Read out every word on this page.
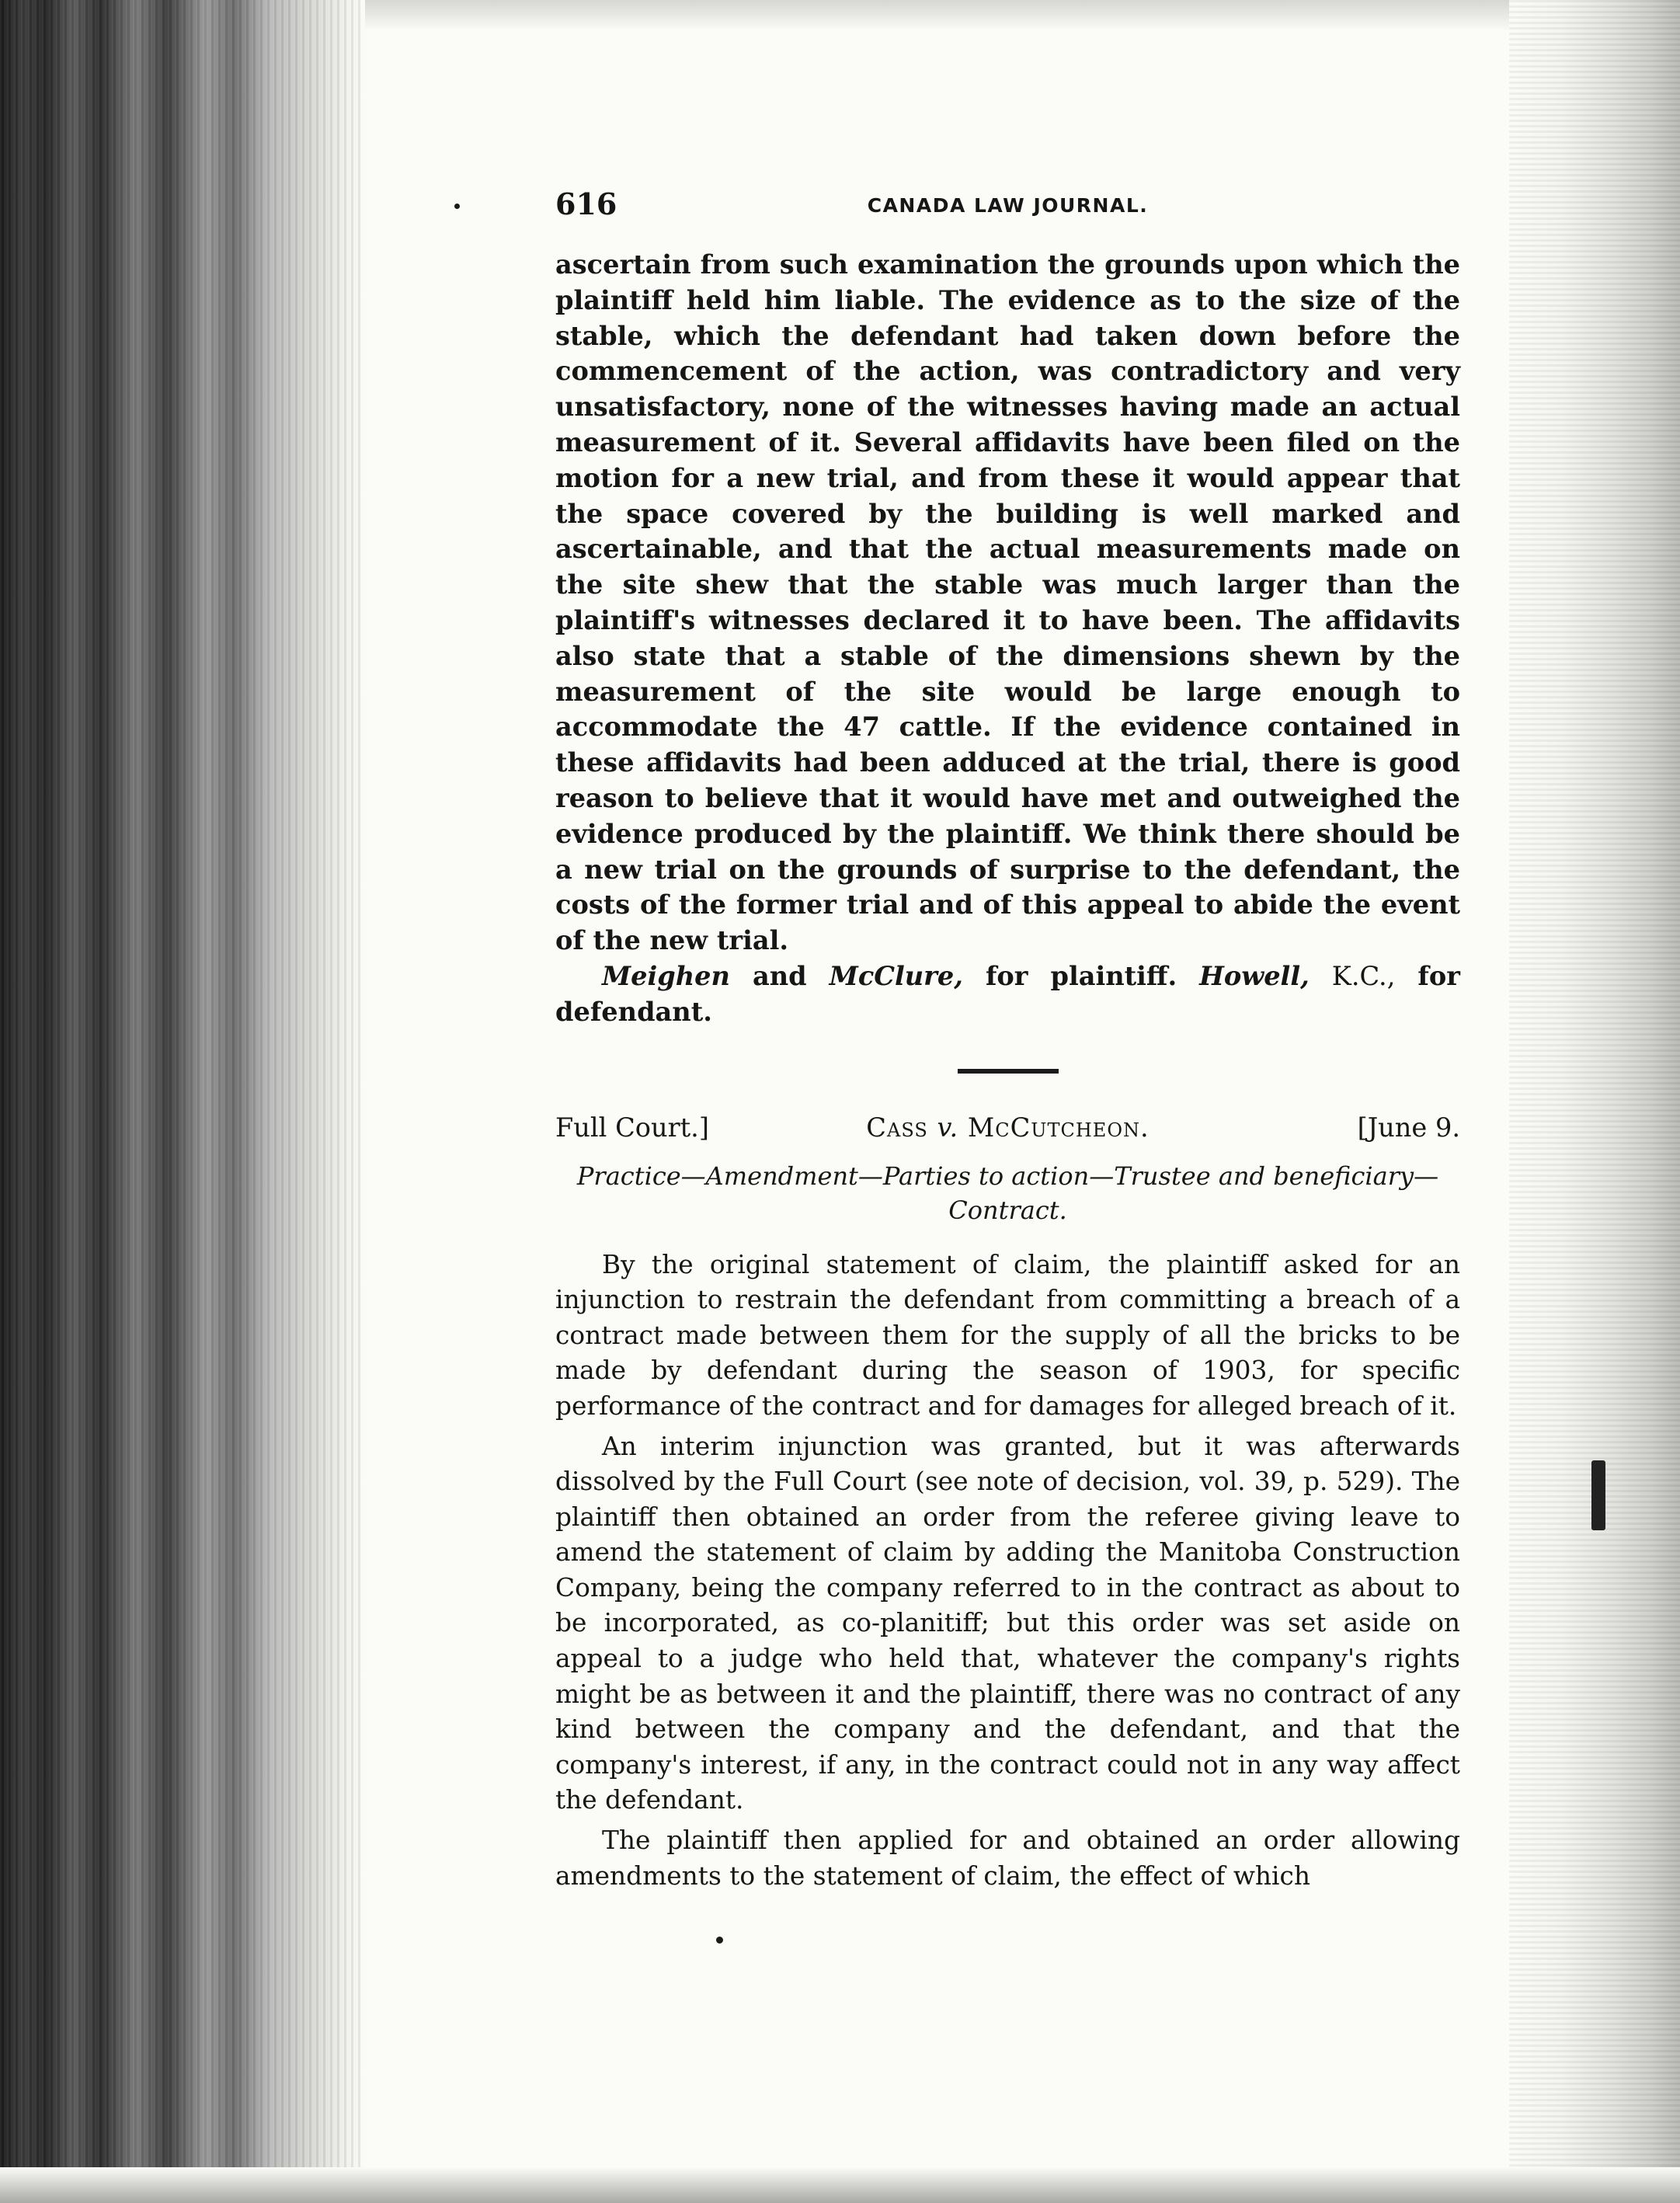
616	CANADA LAW JOURNAL.

ascertain from such examination the grounds upon which the plaintiff held him liable. The evidence as to the size of the stable, which the defendant had taken down before the commencement of the action, was contradictory and very unsatisfactory, none of the witnesses having made an actual measurement of it. Several affidavits have been filed on the motion for a new trial, and from these it would appear that the space covered by the building is well marked and ascertainable, and that the actual measurements made on the site shew that the stable was much larger than the plaintiff's witnesses declared it to have been. The affidavits also state that a stable of the dimensions shewn by the measurement of the site would be large enough to accommodate the 47 cattle. If the evidence contained in these affidavits had been adduced at the trial, there is good reason to believe that it would have met and outweighed the evidence produced by the plaintiff. We think there should be a new trial on the grounds of surprise to the defendant, the costs of the former trial and of this appeal to abide the event of the new trial.

Meighen and McClure, for plaintiff. Howell, K.C., for defendant.

Full Court.]	Cass v. McCutcheon.	[June 9.

Practice—Amendment—Parties to action—Trustee and beneficiary—Contract.

By the original statement of claim, the plaintiff asked for an injunction to restrain the defendant from committing a breach of a contract made between them for the supply of all the bricks to be made by defendant during the season of 1903, for specific performance of the contract and for damages for alleged breach of it.

An interim injunction was granted, but it was afterwards dissolved by the Full Court (see note of decision, vol. 39, p. 529). The plaintiff then obtained an order from the referee giving leave to amend the statement of claim by adding the Manitoba Construction Company, being the company referred to in the contract as about to be incorporated, as co-planitiff; but this order was set aside on appeal to a judge who held that, whatever the company's rights might be as between it and the plaintiff, there was no contract of any kind between the company and the defendant, and that the company's interest, if any, in the contract could not in any way affect the defendant.

The plaintiff then applied for and obtained an order allowing amendments to the statement of claim, the effect of which
